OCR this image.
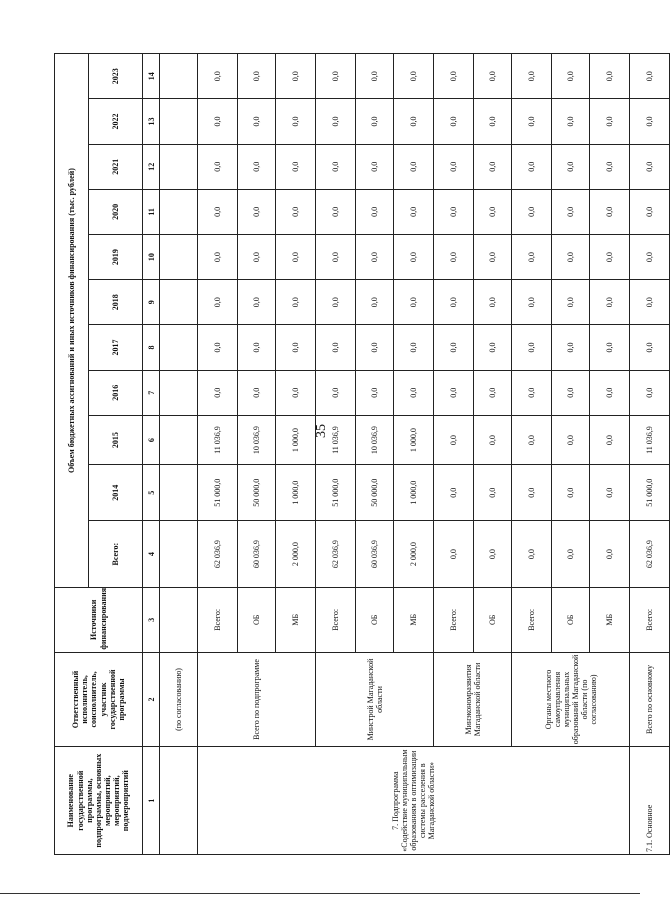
35
Наименование государственной программы, подпрограммы, основных мероприятий, мероприятий, подмероприятий	Ответственный исполнитель, соисполнитель, участник государственной программы	Источники финансирования	Объем бюджетных ассигнований и иных источников финансирования (тыс. рублей)										
			Всего:	2014	2015	2016	2017	2018	2019	2020	2021	2022	2023
1	2	3	4	5	6	7	8	9	10	11	12	13	14
	(по согласованию)												
7. Подпрограмма «Содействие муниципальным образованиям в оптимизации системы расселения в Магаданской области»	Всего по подпрограмме	Всего:	62 036,9	51 000,0	11 036,9	0,0	0,0	0,0	0,0	0,0	0,0	0,0	0,0
		ОБ	60 036,9	50 000,0	10 036,9	0,0	0,0	0,0	0,0	0,0	0,0	0,0	0,0
		МБ	2 000,0	1 000,0	1 000,0	0,0	0,0	0,0	0,0	0,0	0,0	0,0	0,0
	Минстрой Магаданской области	Всего:	62 036,9	51 000,0	11 036,9	0,0	0,0	0,0	0,0	0,0	0,0	0,0	0,0
		ОБ	60 036,9	50 000,0	10 036,9	0,0	0,0	0,0	0,0	0,0	0,0	0,0	0,0
		МБ	2 000,0	1 000,0	1 000,0	0,0	0,0	0,0	0,0	0,0	0,0	0,0	0,0
	Минэкономразвития Магаданской области	Всего:	0,0	0,0	0,0	0,0	0,0	0,0	0,0	0,0	0,0	0,0	0,0
		ОБ	0,0	0,0	0,0	0,0	0,0	0,0	0,0	0,0	0,0	0,0	0,0
	Органы местного самоуправления муниципальных образований Магаданской области (по согласованию)	Всего:	0,0	0,0	0,0	0,0	0,0	0,0	0,0	0,0	0,0	0,0	0,0
		ОБ	0,0	0,0	0,0	0,0	0,0	0,0	0,0	0,0	0,0	0,0	0,0
		МБ	0,0	0,0	0,0	0,0	0,0	0,0	0,0	0,0	0,0	0,0	0,0
7.1. Основное	Всего по основному	Всего:	62 036,9	51 000,0	11 036,9	0,0	0,0	0,0	0,0	0,0	0,0	0,0	0,0
